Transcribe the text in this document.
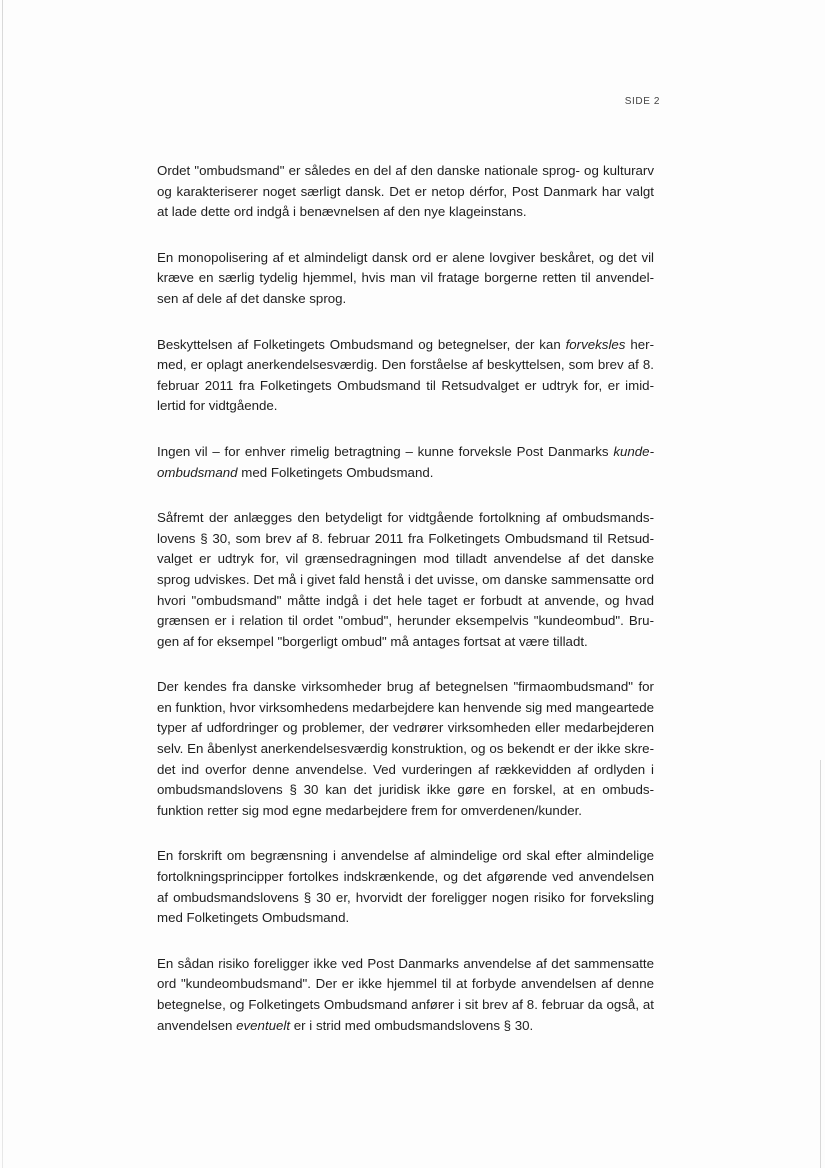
SIDE 2

Ordet "ombudsmand" er således en del af den danske nationale sprog- og kulturarv og karakteriserer noget særligt dansk. Det er netop dérfor, Post Danmark har valgt at lade dette ord indgå i benævnelsen af den nye klageinstans.

En monopolisering af et almindeligt dansk ord er alene lovgiver beskåret, og det vil kræve en særlig tydelig hjemmel, hvis man vil fratage borgerne retten til anvendelsen af dele af det danske sprog.

Beskyttelsen af Folketingets Ombudsmand og betegnelser, der kan forveksles hermed, er oplagt anerkendelsesværdig. Den forståelse af beskyttelsen, som brev af 8. februar 2011 fra Folketingets Ombudsmand til Retsudvalget er udtryk for, er imidlertid for vidtgående.

Ingen vil – for enhver rimelig betragtning – kunne forveksle Post Danmarks kundeombudsmand med Folketingets Ombudsmand.

Såfremt der anlægges den betydeligt for vidtgående fortolkning af ombudsmandslovens § 30, som brev af 8. februar 2011 fra Folketingets Ombudsmand til Retsudvalget er udtryk for, vil grænsedragningen mod tilladt anvendelse af det danske sprog udviskes. Det må i givet fald henstå i det uvisse, om danske sammensatte ord hvori "ombudsmand" måtte indgå i det hele taget er forbudt at anvende, og hvad grænsen er i relation til ordet "ombud", herunder eksempelvis "kundeombud". Brugen af for eksempel "borgerligt ombud" må antages fortsat at være tilladt.

Der kendes fra danske virksomheder brug af betegnelsen "firmaombudsmand" for en funktion, hvor virksomhedens medarbejdere kan henvende sig med mangeartede typer af udfordringer og problemer, der vedrører virksomheden eller medarbejderen selv. En åbenlyst anerkendelsesværdig konstruktion, og os bekendt er der ikke skredet ind overfor denne anvendelse. Ved vurderingen af rækkevidden af ordlyden i ombudsmandslovens § 30 kan det juridisk ikke gøre en forskel, at en ombudsfunktion retter sig mod egne medarbejdere frem for omverdenen/kunder.

En forskrift om begrænsning i anvendelse af almindelige ord skal efter almindelige fortolkningsprincipper fortolkes indskrænkende, og det afgørende ved anvendelsen af ombudsmandslovens § 30 er, hvorvidt der foreligger nogen risiko for forveksling med Folketingets Ombudsmand.

En sådan risiko foreligger ikke ved Post Danmarks anvendelse af det sammensatte ord "kundeombudsmand". Der er ikke hjemmel til at forbyde anvendelsen af denne betegnelse, og Folketingets Ombudsmand anfører i sit brev af 8. februar da også, at anvendelsen eventuelt er i strid med ombudsmandslovens § 30.
